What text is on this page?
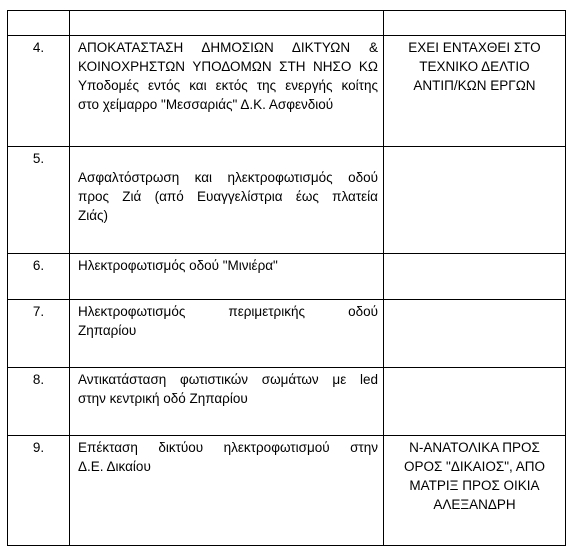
4.	ΑΠΟΚΑΤΑΣΤΑΣΗ ΔΗΜΟΣΙΩΝ ΔΙΚΤΥΩΝ &
ΚΟΙΝΟΧΡΗΣΤΩΝ ΥΠΟΔΟΜΩΝ ΣΤΗ ΝΗΣΟ ΚΩ
Υποδομές εντός και εκτός της ενεργής κοίτης
στο χείμαρρο "Μεσσαριάς" Δ.Κ. Ασφενδιού	ΕΧΕΙ ΕΝΤΑΧΘΕΙ ΣΤΟ
ΤΕΧΝΙΚΟ ΔΕΛΤΙΟ
ΑΝΤΙΠ/ΚΩΝ ΕΡΓΩΝ

5.	Ασφαλτόστρωση και ηλεκτροφωτισμός οδού
προς Ζιά (από Ευαγγελίστρια έως πλατεία
Ζιάς)	

6.	Ηλεκτροφωτισμός οδού "Μινιέρα"	

7.	Ηλεκτροφωτισμός περιμετρικής οδού
Ζηπαρίου	

8.	Αντικατάσταση φωτιστικών σωμάτων με led
στην κεντρική οδό Ζηπαρίου	

9.	Επέκταση δικτύου ηλεκτροφωτισμού στην
Δ.Ε. Δικαίου	Ν-ΑΝΑΤΟΛΙΚΑ ΠΡΟΣ
ΟΡΟΣ "ΔΙΚΑΙΟΣ", ΑΠΟ
ΜΑΤΡΙΞ ΠΡΟΣ ΟΙΚΙΑ
ΑΛΕΞΑΝΔΡΗ
